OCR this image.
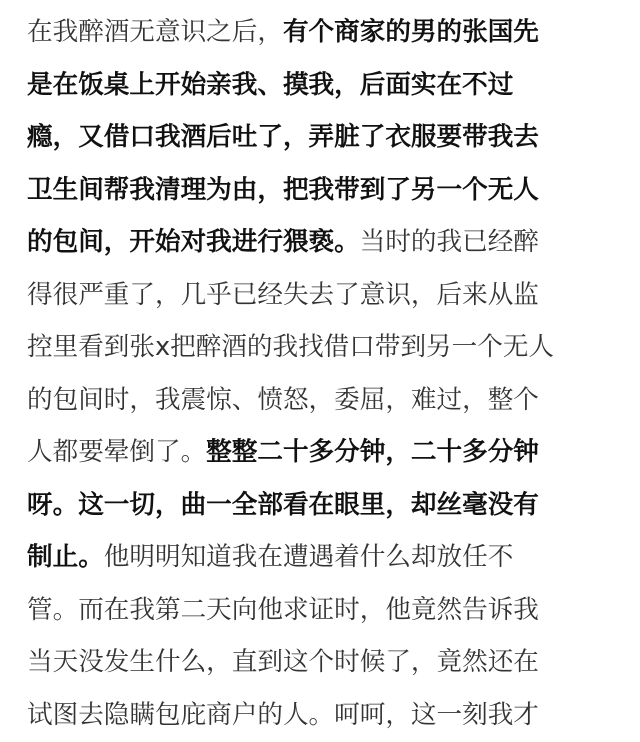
在我醉酒无意识之后，有个商家的男的张国先
是在饭桌上开始亲我、摸我，后面实在不过
瘾，又借口我酒后吐了，弄脏了衣服要带我去
卫生间帮我清理为由，把我带到了另一个无人
的包间，开始对我进行猥亵。当时的我已经醉
得很严重了，几乎已经失去了意识，后来从监
控里看到张x把醉酒的我找借口带到另一个无人
的包间时，我震惊、愤怒，委屈，难过，整个
人都要晕倒了。整整二十多分钟，二十多分钟
呀。这一切，曲一全部看在眼里，却丝毫没有
制止。他明明知道我在遭遇着什么却放任不
管。而在我第二天向他求证时，他竟然告诉我
当天没发生什么，直到这个时候了，竟然还在
试图去隐瞒包庇商户的人。呵呵，这一刻我才
